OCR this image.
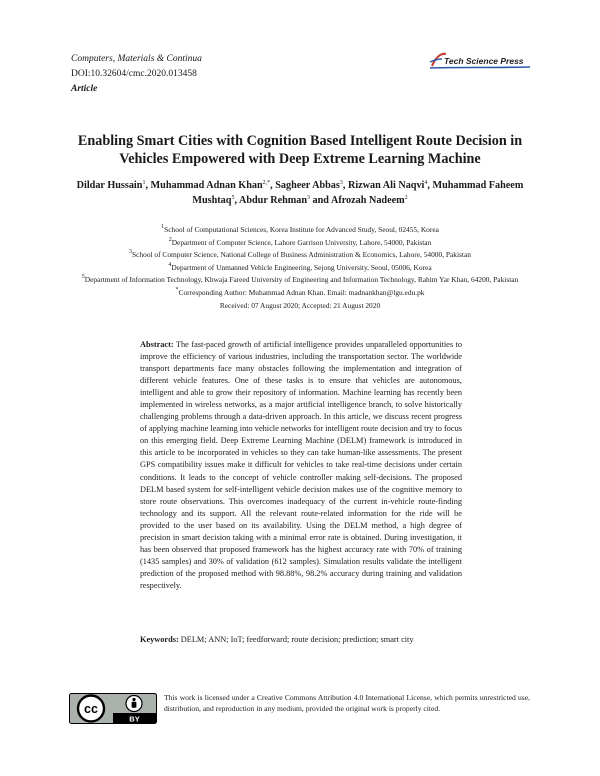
Computers, Materials & Continua
DOI:10.32604/cmc.2020.013458
Article
Tech Science Press
Enabling Smart Cities with Cognition Based Intelligent Route Decision in Vehicles Empowered with Deep Extreme Learning Machine
Dildar Hussain$^1$, Muhammad Adnan Khan$^{2,*}$, Sagheer Abbas$^3$, Rizwan Ali Naqvi$^4$, Muhammad Faheem Mushtaq$^5$, Abdur Rehman$^3$ and Afrozah Nadeem$^2$
$^1$School of Computational Sciences, Korea Institute for Advanced Study, Seoul, 02455, Korea
$^2$Department of Computer Science, Lahore Garrison University, Lahore, 54000, Pakistan
$^3$School of Computer Science, National College of Business Administration & Economics, Lahore, 54000, Pakistan
$^4$Department of Unmanned Vehicle Engineering, Sejong University, Seoul, 05006, Korea
$^5$Department of Information Technology, Khwaja Fareed University of Engineering and Information Technology, Rahim Yar Khan, 64200, Pakistan
*Corresponding Author: Muhammad Adnan Khan. Email: madnankhan@lgu.edu.pk
Received: 07 August 2020; Accepted: 21 August 2020
Abstract: The fast-paced growth of artificial intelligence provides unparalleled opportunities to improve the efficiency of various industries, including the transportation sector. The worldwide transport departments face many obstacles following the implementation and integration of different vehicle features. One of these tasks is to ensure that vehicles are autonomous, intelligent and able to grow their repository of information. Machine learning has recently been implemented in wireless networks, as a major artificial intelligence branch, to solve historically challenging problems through a data-driven approach. In this article, we discuss recent progress of applying machine learning into vehicle networks for intelligent route decision and try to focus on this emerging field. Deep Extreme Learning Machine (DELM) framework is introduced in this article to be incorporated in vehicles so they can take human-like assessments. The present GPS compatibility issues make it difficult for vehicles to take real-time decisions under certain conditions. It leads to the concept of vehicle controller making self-decisions. The proposed DELM based system for self-intelligent vehicle decision makes use of the cognitive memory to store route observations. This overcomes inadequacy of the current in-vehicle route-finding technology and its support. All the relevant route-related information for the ride will be provided to the user based on its availability. Using the DELM method, a high degree of precision in smart decision taking with a minimal error rate is obtained. During investigation, it has been observed that proposed framework has the highest accuracy rate with 70% of training (1435 samples) and 30% of validation (612 samples). Simulation results validate the intelligent prediction of the proposed method with 98.88%, 98.2% accuracy during training and validation respectively.
Keywords: DELM; ANN; IoT; feedforward; route decision; prediction; smart city
cc
BY
This work is licensed under a Creative Commons Attribution 4.0 International License, which permits unrestricted use, distribution, and reproduction in any medium, provided the original work is properly cited.
